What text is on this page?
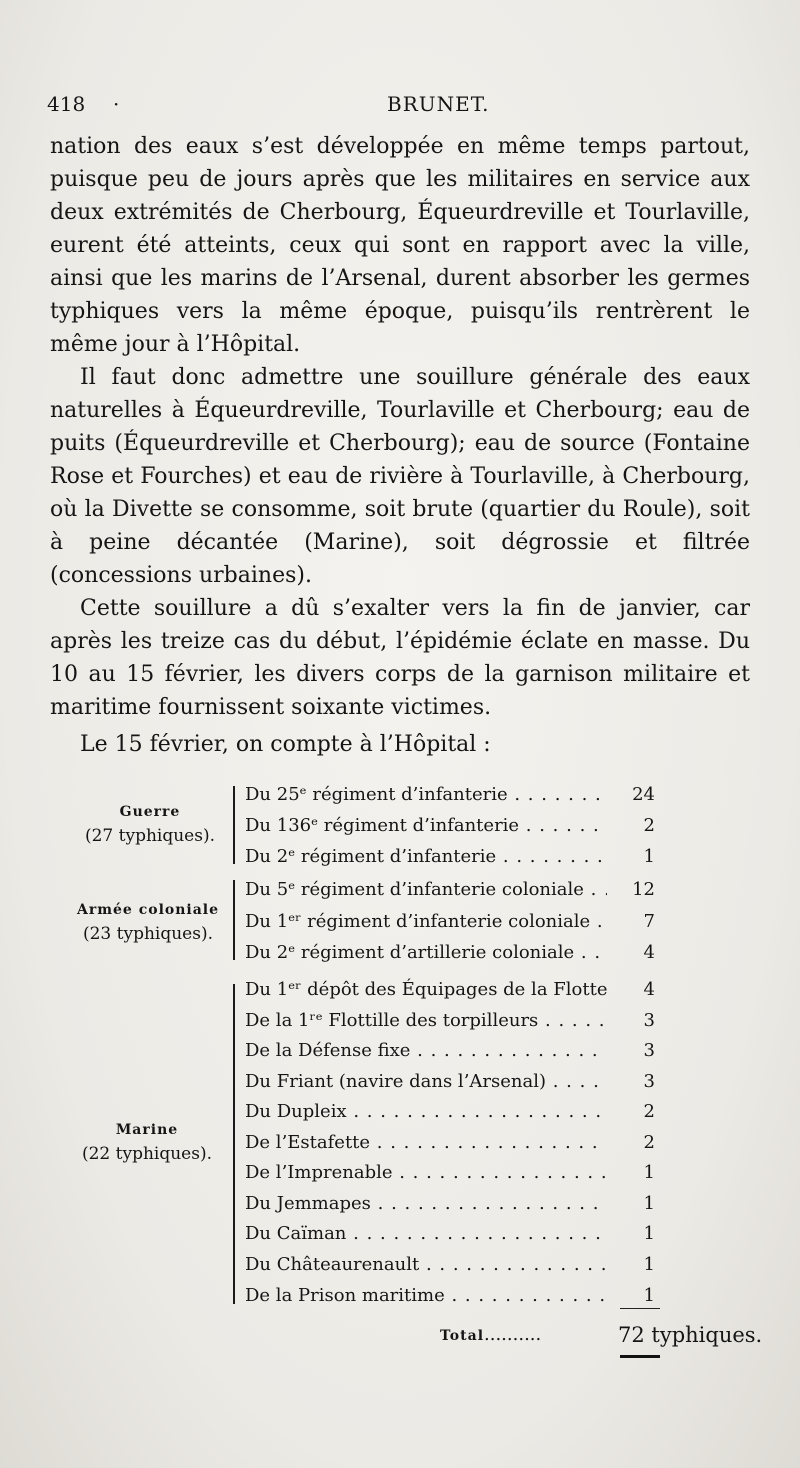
418 ·	BRUNET.

nation des eaux s’est développée en même temps partout, puisque peu de jours après que les militaires en service aux deux extrémités de Cherbourg, Équeurdreville et Tourlaville, eurent été atteints, ceux qui sont en rapport avec la ville, ainsi que les marins de l’Arsenal, durent absorber les germes typhiques vers la même époque, puisqu’ils rentrèrent le même jour à l’Hôpital.

Il faut donc admettre une souillure générale des eaux naturelles à Équeurdreville, Tourlaville et Cherbourg; eau de puits (Équeurdreville et Cherbourg); eau de source (Fontaine Rose et Fourches) et eau de rivière à Tourlaville, à Cherbourg, où la Divette se consomme, soit brute (quartier du Roule), soit à peine décantée (Marine), soit dégrossie et filtrée (concessions urbaines).

Cette souillure a dû s’exalter vers la fin de janvier, car après les treize cas du début, l’épidémie éclate en masse. Du 10 au 15 février, les divers corps de la garnison militaire et maritime fournissent soixante victimes.

Le 15 février, on compte à l’Hôpital :
Guerre
(27 typhiques).
Du 25ᵉ régiment d’infanterie . . .	24
Du 136ᵉ régiment d’infanterie . . .	2
Du 2ᵉ régiment d’infanterie . . .	1
Armée coloniale
(23 typhiques).
Du 5ᵉ régiment d’infanterie coloniale . . .	12
Du 1ᵉʳ régiment d’infanterie coloniale . . .	7
Du 2ᵉ régiment d’artillerie coloniale . . .	4
Marine
(22 typhiques).
Du 1ᵉʳ dépôt des Équipages de la Flotte . . .	4
De la 1ʳᵉ Flottille des torpilleurs . . .	3
De la Défense fixe . . .	3
Du Friant (navire dans l’Arsenal) . . .	3
Du Dupleix . . .	2
De l’Estafette . . .	2
De l’Imprenable . . .	1
Du Jemmapes . . .	1
Du Caïman . . .	1
Du Châteaurenault . . .	1
De la Prison maritime . . .	1
Total..........	72 typhiques.
